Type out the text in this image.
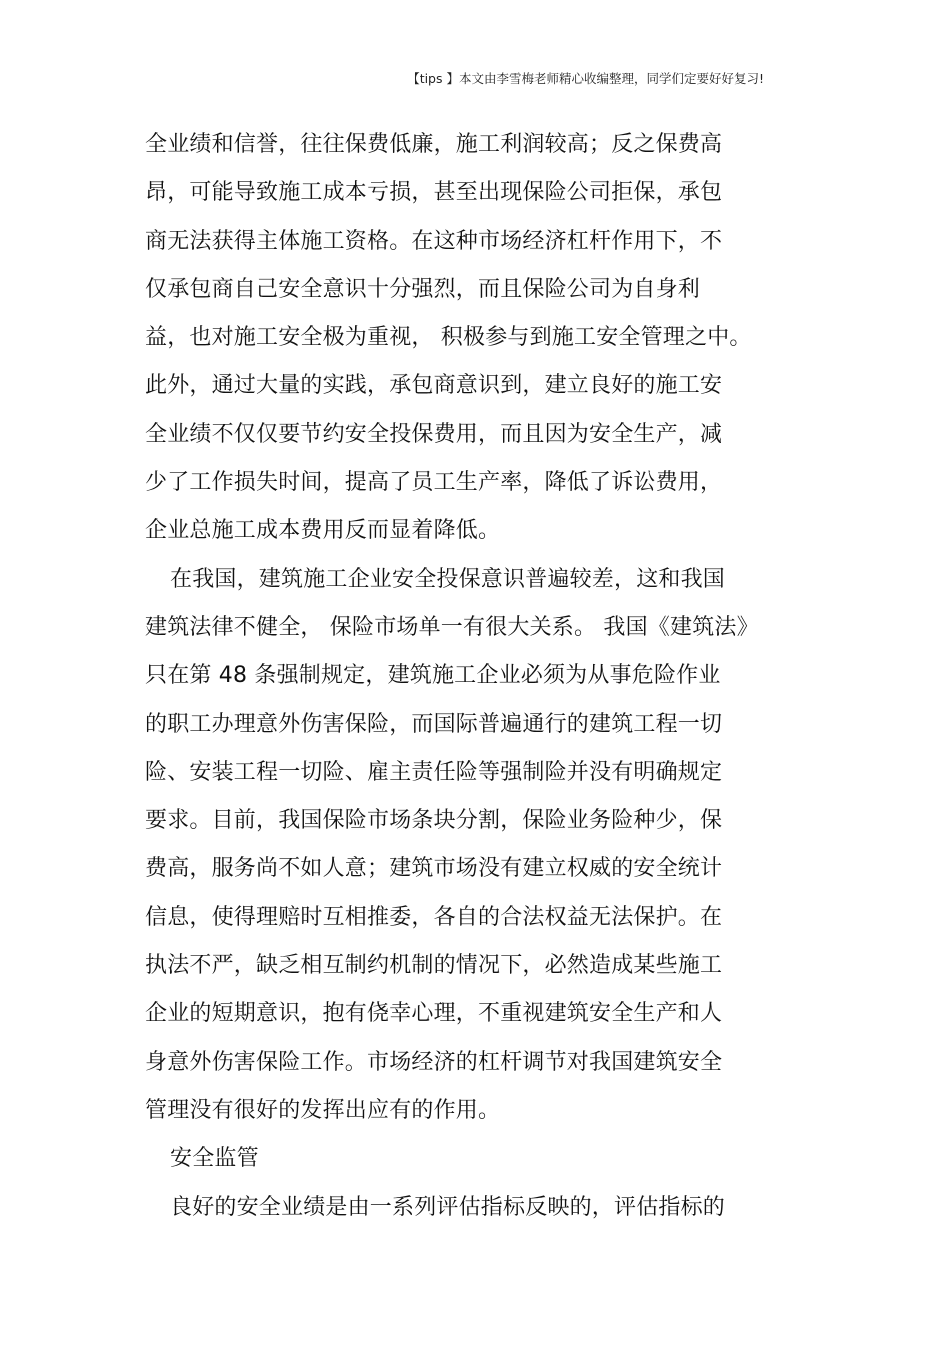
【tips 】本文由李雪梅老师精心收编整理，同学们定要好好复习!
全业绩和信誉，往往保费低廉，施工利润较高；反之保费高
昂，可能导致施工成本亏损，甚至出现保险公司拒保，承包
商无法获得主体施工资格。在这种市场经济杠杆作用下，不
仅承包商自己安全意识十分强烈，而且保险公司为自身利
益，也对施工安全极为重视， 积极参与到施工安全管理之中。
此外，通过大量的实践，承包商意识到，建立良好的施工安
全业绩不仅仅要节约安全投保费用，而且因为安全生产，减
少了工作损失时间，提高了员工生产率，降低了诉讼费用，
企业总施工成本费用反而显着降低。
在我国，建筑施工企业安全投保意识普遍较差，这和我国
建筑法律不健全， 保险市场单一有很大关系。 我国《建筑法》
只在第 48 条强制规定，建筑施工企业必须为从事危险作业
的职工办理意外伤害保险，而国际普遍通行的建筑工程一切
险、安装工程一切险、雇主责任险等强制险并没有明确规定
要求。目前，我国保险市场条块分割，保险业务险种少，保
费高，服务尚不如人意；建筑市场没有建立权威的安全统计
信息，使得理赔时互相推委，各自的合法权益无法保护。在
执法不严，缺乏相互制约机制的情况下，必然造成某些施工
企业的短期意识，抱有侥幸心理，不重视建筑安全生产和人
身意外伤害保险工作。市场经济的杠杆调节对我国建筑安全
管理没有很好的发挥出应有的作用。
安全监管
良好的安全业绩是由一系列评估指标反映的，评估指标的
